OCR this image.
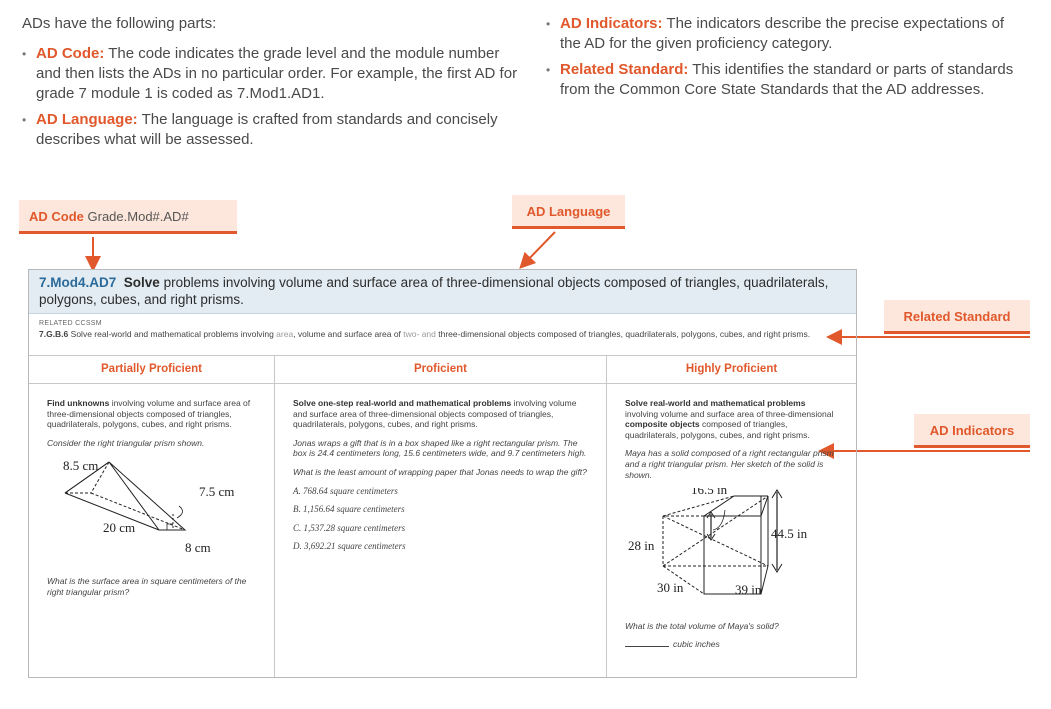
ADs have the following parts:

• AD Code: The code indicates the grade level and the module number and then lists the ADs in no particular order. For example, the first AD for grade 7 module 1 is coded as 7.Mod1.AD1.
• AD Language: The language is crafted from standards and concisely describes what will be assessed.
• AD Indicators: The indicators describe the precise expectations of the AD for the given proficiency category.
• Related Standard: This identifies the standard or parts of standards from the Common Core State Standards that the AD addresses.
AD Code Grade.Mod#.AD#	AD Language
Related Standard
AD Indicators
7.Mod4.AD7 Solve problems involving volume and surface area of three-dimensional objects composed of triangles, quadrilaterals, polygons, cubes, and right prisms.
RELATED CCSSM
7.G.B.6 Solve real-world and mathematical problems involving area, volume and surface area of two- and three-dimensional objects composed of triangles, quadrilaterals, polygons, cubes, and right prisms.
Partially Proficient

Find unknowns involving volume and surface area of three-dimensional objects composed of triangles, quadrilaterals, polygons, cubes, and right prisms.

Consider the right triangular prism shown.

8.5 cm
7.5 cm
20 cm
8 cm

What is the surface area in square centimeters of the right triangular prism?

Proficient

Solve one-step real-world and mathematical problems involving volume and surface area of three-dimensional objects composed of triangles, quadrilaterals, polygons, cubes, and right prisms.

Jonas wraps a gift that is in a box shaped like a right rectangular prism. The box is 24.4 centimeters long, 15.6 centimeters wide, and 9.7 centimeters high.

What is the least amount of wrapping paper that Jonas needs to wrap the gift?

A. 768.64 square centimeters

B. 1,156.64 square centimeters

C. 1,537.28 square centimeters

D. 3,692.21 square centimeters

Highly Proficient

Solve real-world and mathematical problems involving volume and surface area of three-dimensional composite objects composed of triangles, quadrilaterals, polygons, cubes, and right prisms.

Maya has a solid composed of a right rectangular prism and a right triangular prism. Her sketch of the solid is shown.

16.5 in
44.5 in
28 in
30 in	39 in

What is the total volume of Maya's solid?

cubic inches
